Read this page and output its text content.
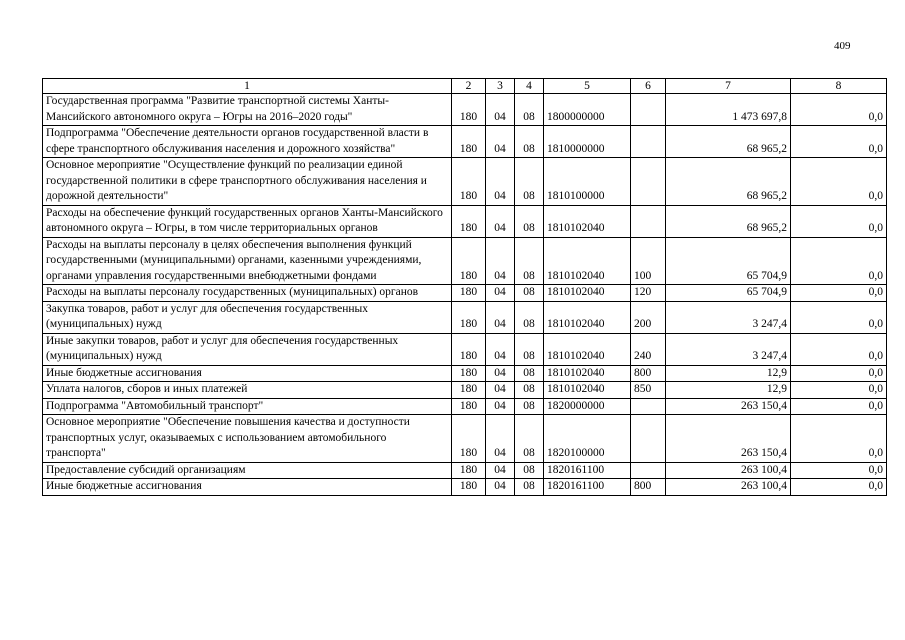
409
1	2	3	4	5	6	7	8
Государственная программа "Развитие транспортной системы Ханты-Мансийского автономного округа – Югры на 2016–2020 годы"	180	04	08	1800000000		1 473 697,8	0,0
Подпрограмма "Обеспечение деятельности органов государственной власти в сфере транспортного обслуживания населения и дорожного хозяйства"	180	04	08	1810000000		68 965,2	0,0
Основное мероприятие "Осуществление функций по реализации единой государственной политики в сфере транспортного обслуживания населения и дорожной деятельности"	180	04	08	1810100000		68 965,2	0,0
Расходы на обеспечение функций государственных органов Ханты-Мансийского автономного округа – Югры, в том числе территориальных органов	180	04	08	1810102040		68 965,2	0,0
Расходы на выплаты персоналу в целях обеспечения выполнения функций государственными (муниципальными) органами, казенными учреждениями, органами управления государственными внебюджетными фондами	180	04	08	1810102040	100	65 704,9	0,0
Расходы на выплаты персоналу государственных (муниципальных) органов	180	04	08	1810102040	120	65 704,9	0,0
Закупка товаров, работ и услуг для обеспечения государственных (муниципальных) нужд	180	04	08	1810102040	200	3 247,4	0,0
Иные закупки товаров, работ и услуг для обеспечения государственных (муниципальных) нужд	180	04	08	1810102040	240	3 247,4	0,0
Иные бюджетные ассигнования	180	04	08	1810102040	800	12,9	0,0
Уплата налогов, сборов и иных платежей	180	04	08	1810102040	850	12,9	0,0
Подпрограмма "Автомобильный транспорт"	180	04	08	1820000000		263 150,4	0,0
Основное мероприятие "Обеспечение повышения качества и доступности транспортных услуг, оказываемых с использованием автомобильного транспорта"	180	04	08	1820100000		263 150,4	0,0
Предоставление субсидий организациям	180	04	08	1820161100		263 100,4	0,0
Иные бюджетные ассигнования	180	04	08	1820161100	800	263 100,4	0,0
